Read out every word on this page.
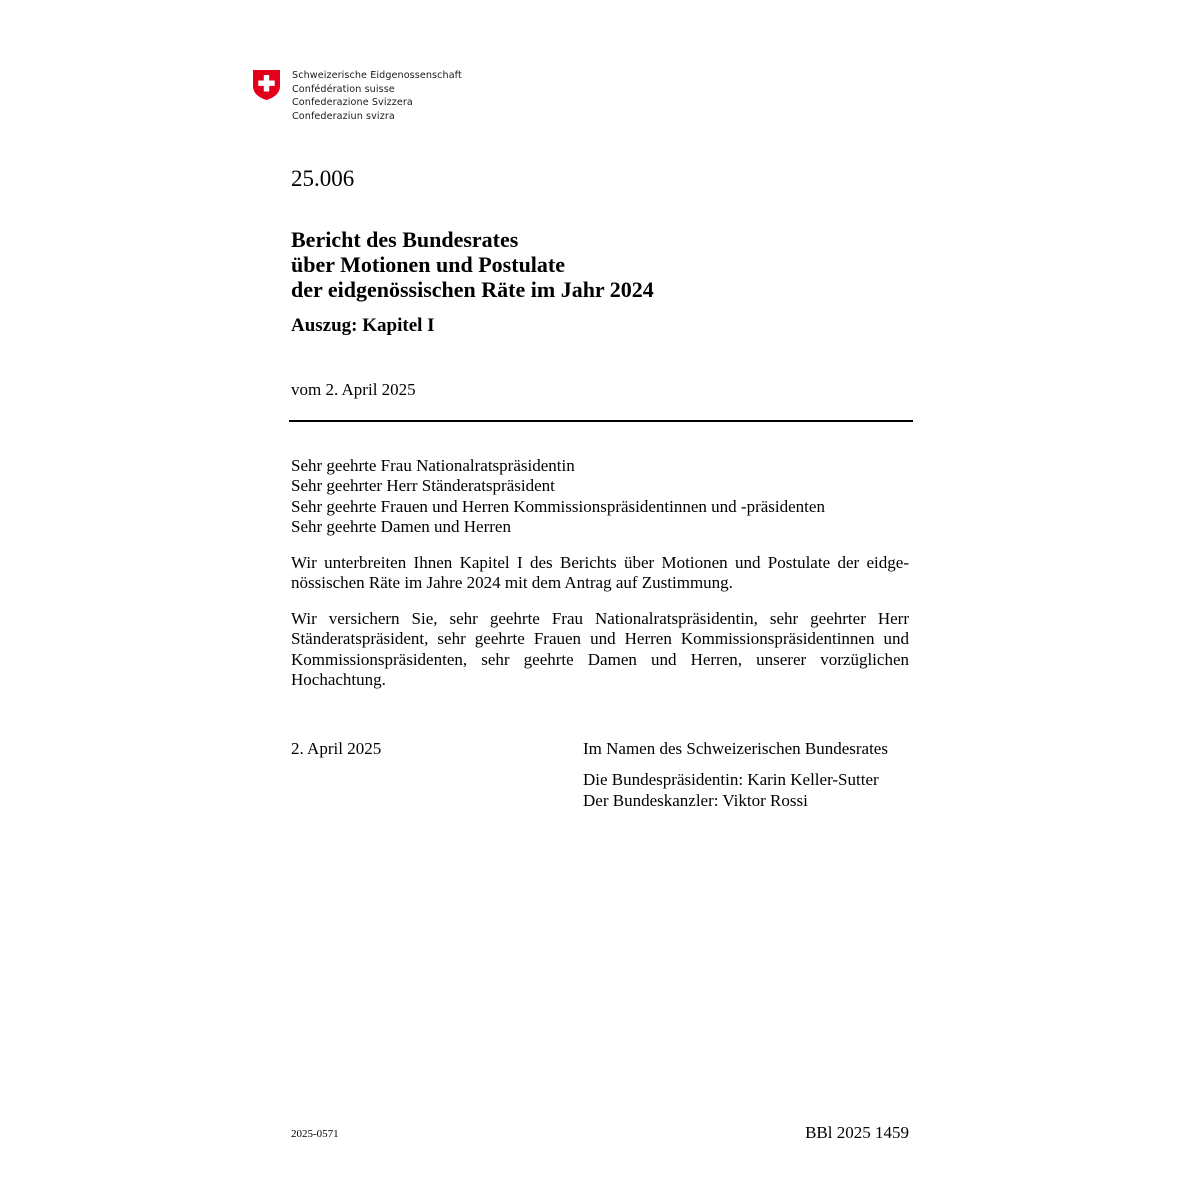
Schweizerische Eidgenossenschaft
Confédération suisse
Confederazione Svizzera
Confederaziun svizra
25.006
Bericht des Bundesrates
über Motionen und Postulate
der eidgenössischen Räte im Jahr 2024
Auszug: Kapitel I
vom 2. April 2025
Sehr geehrte Frau Nationalratspräsidentin
Sehr geehrter Herr Ständeratspräsident
Sehr geehrte Frauen und Herren Kommissionspräsidentinnen und -präsidenten
Sehr geehrte Damen und Herren
Wir unterbreiten Ihnen Kapitel I des Berichts über Motionen und Postulate der eidgenössischen Räte im Jahre 2024 mit dem Antrag auf Zustimmung.
Wir versichern Sie, sehr geehrte Frau Nationalratspräsidentin, sehr geehrter Herr Ständeratspräsident, sehr geehrte Frauen und Herren Kommissionspräsidentinnen und Kommissionspräsidenten, sehr geehrte Damen und Herren, unserer vorzüglichen Hochachtung.
2. April 2025	Im Namen des Schweizerischen Bundesrates
Die Bundespräsidentin: Karin Keller-Sutter
Der Bundeskanzler: Viktor Rossi
2025-0571	BBl 2025 1459
